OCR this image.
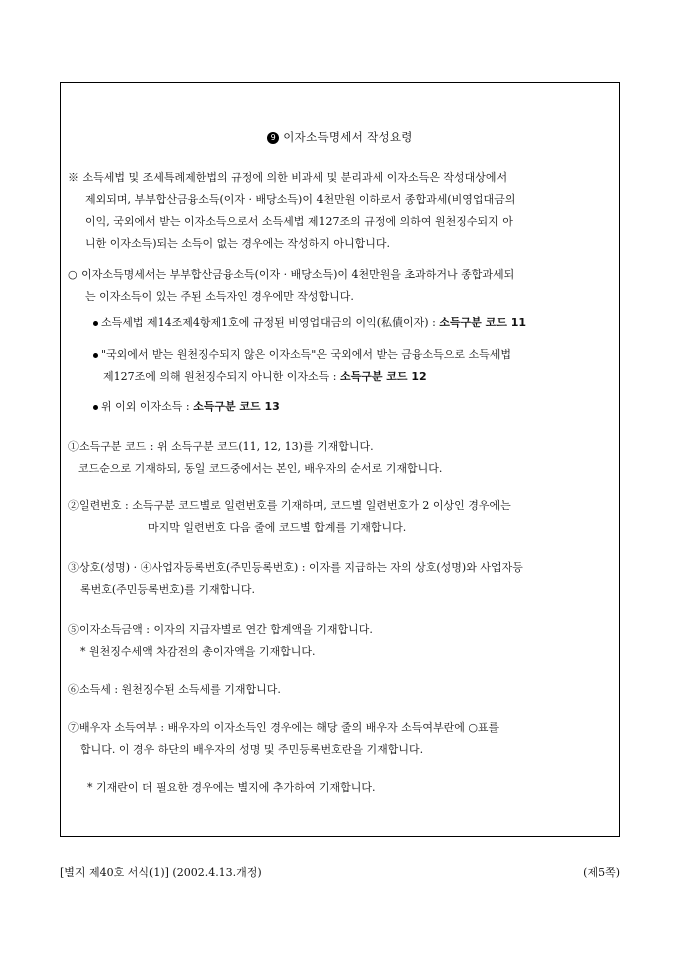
9 이자소득명세서 작성요령
※ 소득세법 및 조세특례제한법의 규정에 의한 비과세 및 분리과세 이자소득은 작성대상에서
제외되며, 부부합산금융소득(이자 · 배당소득)이 4천만원 이하로서 종합과세(비영업대금의
이익, 국외에서 받는 이자소득으로서 소득세법 제127조의 규정에 의하여 원천징수되지 아
니한 이자소득)되는 소득이 없는 경우에는 작성하지 아니합니다.
○ 이자소득명세서는 부부합산금융소득(이자 · 배당소득)이 4천만원을 초과하거나 종합과세되
는 이자소득이 있는 주된 소득자인 경우에만 작성합니다.
소득세법 제14조제4항제1호에 규정된 비영업대금의 이익(私債이자) : 소득구분 코드 11
"국외에서 받는 원천징수되지 않은 이자소득"은 국외에서 받는 금융소득으로 소득세법
제127조에 의해 원천징수되지 아니한 이자소득 : 소득구분 코드 12
위 이외 이자소득 : 소득구분 코드 13
①소득구분 코드 : 위 소득구분 코드(11, 12, 13)를 기재합니다.
코드순으로 기재하되, 동일 코드중에서는 본인, 배우자의 순서로 기재합니다.
②일련번호 : 소득구분 코드별로 일련번호를 기재하며, 코드별 일련번호가 2 이상인 경우에는
마지막 일련번호 다음 줄에 코드별 합계를 기재합니다.
③상호(성명) · ④사업자등록번호(주민등록번호) : 이자를 지급하는 자의 상호(성명)와 사업자등
록번호(주민등록번호)를 기재합니다.
⑤이자소득금액 : 이자의 지급자별로 연간 합계액을 기재합니다.
* 원천징수세액 차감전의 총이자액을 기재합니다.
⑥소득세 : 원천징수된 소득세를 기재합니다.
⑦배우자 소득여부 : 배우자의 이자소득인 경우에는 해당 줄의 배우자 소득여부란에 ○표를
합니다. 이 경우 하단의 배우자의 성명 및 주민등록번호란을 기재합니다.
* 기재란이 더 필요한 경우에는 별지에 추가하여 기재합니다.
[별지 제40호 서식(1)] (2002.4.13.개정)	(제5쪽)
